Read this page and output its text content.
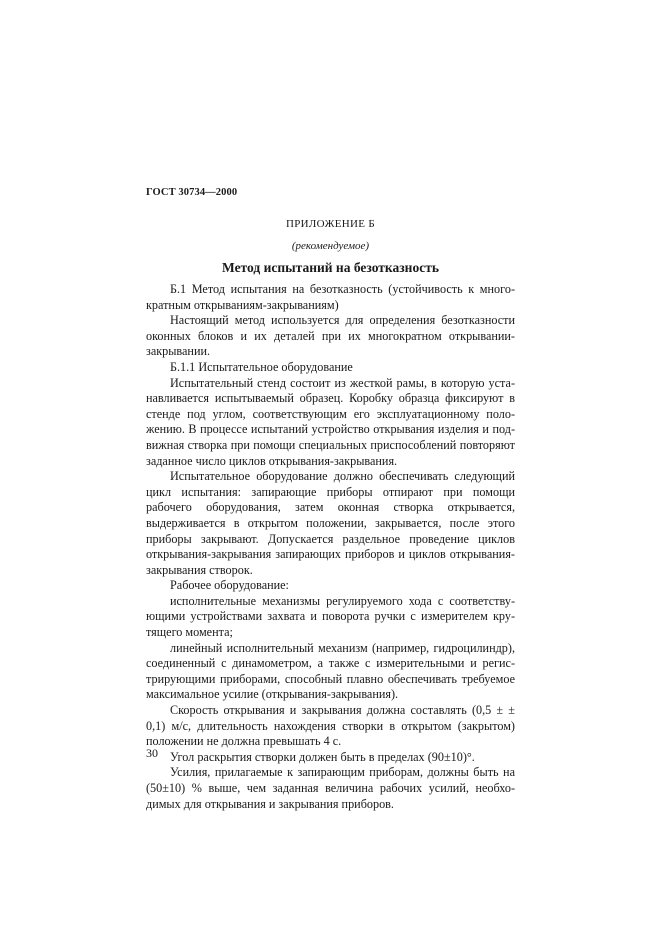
ГОСТ 30734—2000
ПРИЛОЖЕНИЕ Б
(рекомендуемое)
Метод испытаний на безотказность

Б.1 Метод испытания на безотказность (устойчивость к многократным открываниям-закрываниям)

Настоящий метод используется для определения безотказности оконных блоков и их деталей при их многократном открывании-закрывании.

Б.1.1 Испытательное оборудование

Испытательный стенд состоит из жесткой рамы, в которую устанавливается испытываемый образец. Коробку образца фиксируют в стенде под углом, соответствующим его эксплуатационному положению. В процессе испытаний устройство открывания изделия и подвижная створка при помощи специальных приспособлений повторяют заданное число циклов открывания-закрывания.

Испытательное оборудование должно обеспечивать следующий цикл испытания: запирающие приборы отпирают при помощи рабочего оборудования, затем оконная створка открывается, выдерживается в открытом положении, закрывается, после этого приборы закрывают. Допускается раздельное проведение циклов открывания-закрывания запирающих приборов и циклов открывания-закрывания створок.

Рабочее оборудование:

исполнительные механизмы регулируемого хода с соответствующими устройствами захвата и поворота ручки с измерителем крутящего момента;

линейный исполнительный механизм (например, гидроцилиндр), соединенный с динамометром, а также с измерительными и регистрирующими приборами, способный плавно обеспечивать требуемое максимальное усилие (открывания-закрывания).

Скорость открывания и закрывания должна составлять (0,5 ± ± 0,1) м/с, длительность нахождения створки в открытом (закрытом) положении не должна превышать 4 с.

Угол раскрытия створки должен быть в пределах (90±10)°.

Усилия, прилагаемые к запирающим приборам, должны быть на (50±10) % выше, чем заданная величина рабочих усилий, необходимых для открывания и закрывания приборов.

30
